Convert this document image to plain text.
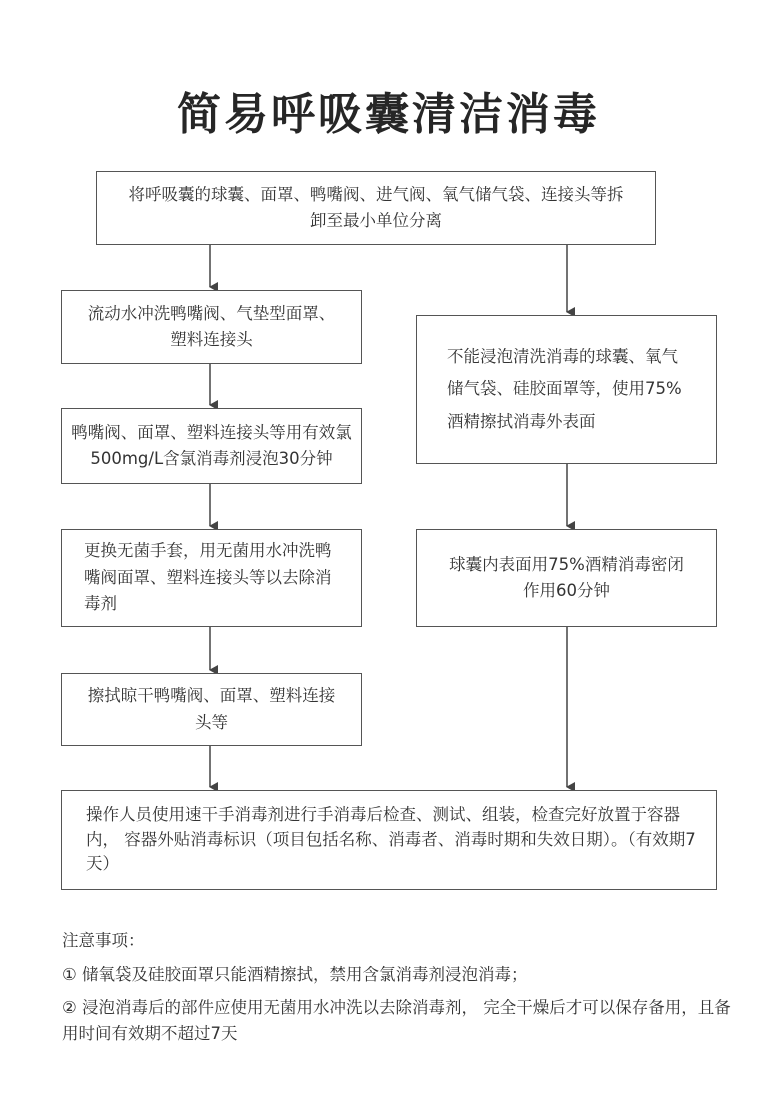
简易呼吸囊清洁消毒
将呼吸囊的球囊、面罩、鸭嘴阀、进气阀、氧气储气袋、连接头等拆卸至最小单位分离
流动水冲洗鸭嘴阀、气垫型面罩、塑料连接头
鸭嘴阀、面罩、塑料连接头等用有效氯500mg/L含氯消毒剂浸泡30分钟
更换无菌手套，用无菌用水冲洗鸭嘴阀面罩、塑料连接头等以去除消毒剂
擦拭晾干鸭嘴阀、面罩、塑料连接头等
不能浸泡清洗消毒的球囊、氧气储气袋、硅胶面罩等，使用75%酒精擦拭消毒外表面
球囊内表面用75%酒精消毒密闭作用60分钟
操作人员使用速干手消毒剂进行手消毒后检查、测试、组装，检查完好放置于容器内， 容器外贴消毒标识（项目包括名称、消毒者、消毒时期和失效日期）。（有效期7天）

注意事项：

① 储氧袋及硅胶面罩只能酒精擦拭，禁用含氯消毒剂浸泡消毒；

② 浸泡消毒后的部件应使用无菌用水冲洗以去除消毒剂， 完全干燥后才可以保存备用，且备用时间有效期不超过7天
